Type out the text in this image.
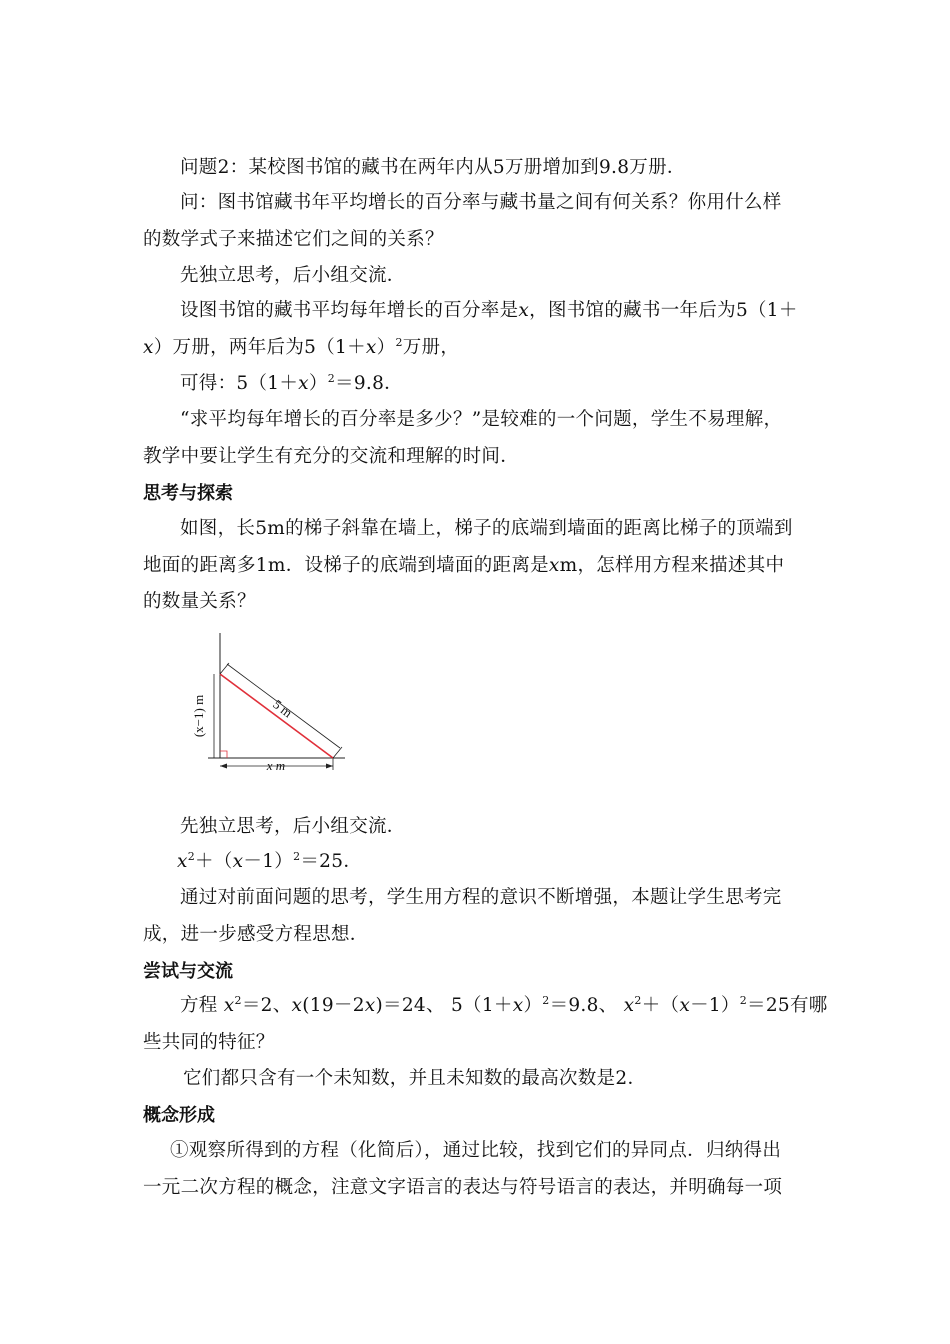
问题2：某校图书馆的藏书在两年内从5万册增加到9.8万册．
问：图书馆藏书年平均增长的百分率与藏书量之间有何关系？你用什么样
的数学式子来描述它们之间的关系？
先独立思考，后小组交流．
设图书馆的藏书平均每年增长的百分率是x，图书馆的藏书一年后为5（1＋
x）万册，两年后为$5(1+x)^2$万册，
可得：$5(1+x)^2=9.8$．
“求平均每年增长的百分率是多少？”是较难的一个问题，学生不易理解，
教学中要让学生有充分的交流和理解的时间．
思考与探索
如图，长5m的梯子斜靠在墙上，梯子的底端到墙面的距离比梯子的顶端到
地面的距离多1m．设梯子的底端到墙面的距离是xm，怎样用方程来描述其中
的数量关系？
5 m
(x−1) m
x m
先独立思考，后小组交流．
$x^2+(x-1)^2=25$．
通过对前面问题的思考，学生用方程的意识不断增强，本题让学生思考完
成，进一步感受方程思想．
尝试与交流
方程 $x^2=2$、x(19－2x)＝24、 $5(1+x)^2=9.8$、 $x^2+(x-1)^2=25$有哪
些共同的特征？
它们都只含有一个未知数，并且未知数的最高次数是2．
概念形成
①观察所得到的方程（化简后），通过比较，找到它们的异同点．归纳得出
一元二次方程的概念，注意文字语言的表达与符号语言的表达，并明确每一项
